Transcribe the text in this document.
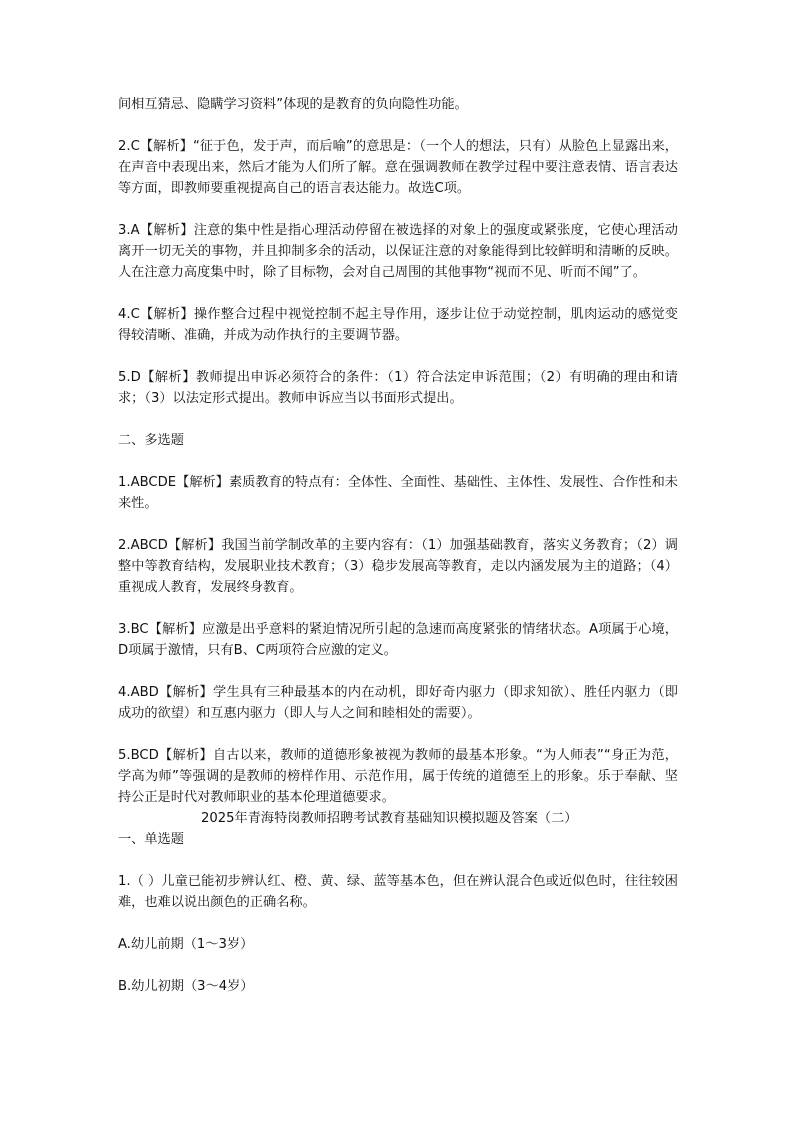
间相互猜忌、隐瞒学习资料”体现的是教育的负向隐性功能。

2.C【解析】“征于色，发于声，而后喻”的意思是：（一个人的想法，只有）从脸色上显露出来，在声音中表现出来，然后才能为人们所了解。意在强调教师在教学过程中要注意表情、语言表达等方面，即教师要重视提高自己的语言表达能力。故选C项。

3.A【解析】注意的集中性是指心理活动停留在被选择的对象上的强度或紧张度，它使心理活动离开一切无关的事物，并且抑制多余的活动，以保证注意的对象能得到比较鲜明和清晰的反映。人在注意力高度集中时，除了目标物，会对自己周围的其他事物“视而不见、听而不闻”了。

4.C【解析】操作整合过程中视觉控制不起主导作用，逐步让位于动觉控制，肌肉运动的感觉变得较清晰、准确，并成为动作执行的主要调节器。

5.D【解析】教师提出申诉必须符合的条件：（1）符合法定申诉范围；（2）有明确的理由和请求；（3）以法定形式提出。教师申诉应当以书面形式提出。

二、多选题

1.ABCDE【解析】素质教育的特点有：全体性、全面性、基础性、主体性、发展性、合作性和未来性。

2.ABCD【解析】我国当前学制改革的主要内容有：（1）加强基础教育，落实义务教育；（2）调整中等教育结构，发展职业技术教育；（3）稳步发展高等教育，走以内涵发展为主的道路；（4）重视成人教育，发展终身教育。

3.BC【解析】应激是出乎意料的紧迫情况所引起的急速而高度紧张的情绪状态。A项属于心境，D项属于激情，只有B、C两项符合应激的定义。

4.ABD【解析】学生具有三种最基本的内在动机，即好奇内驱力（即求知欲）、胜任内驱力（即成功的欲望）和互惠内驱力（即人与人之间和睦相处的需要）。

5.BCD【解析】自古以来，教师的道德形象被视为教师的最基本形象。“为人师表”“身正为范，学高为师”等强调的是教师的榜样作用、示范作用，属于传统的道德至上的形象。乐于奉献、坚持公正是时代对教师职业的基本伦理道德要求。

2025年青海特岗教师招聘考试教育基础知识模拟题及答案（二）

一、单选题

1.（ ）儿童已能初步辨认红、橙、黄、绿、蓝等基本色，但在辨认混合色或近似色时，往往较困难，也难以说出颜色的正确名称。

A.幼儿前期（1～3岁）

B.幼儿初期（3～4岁）
